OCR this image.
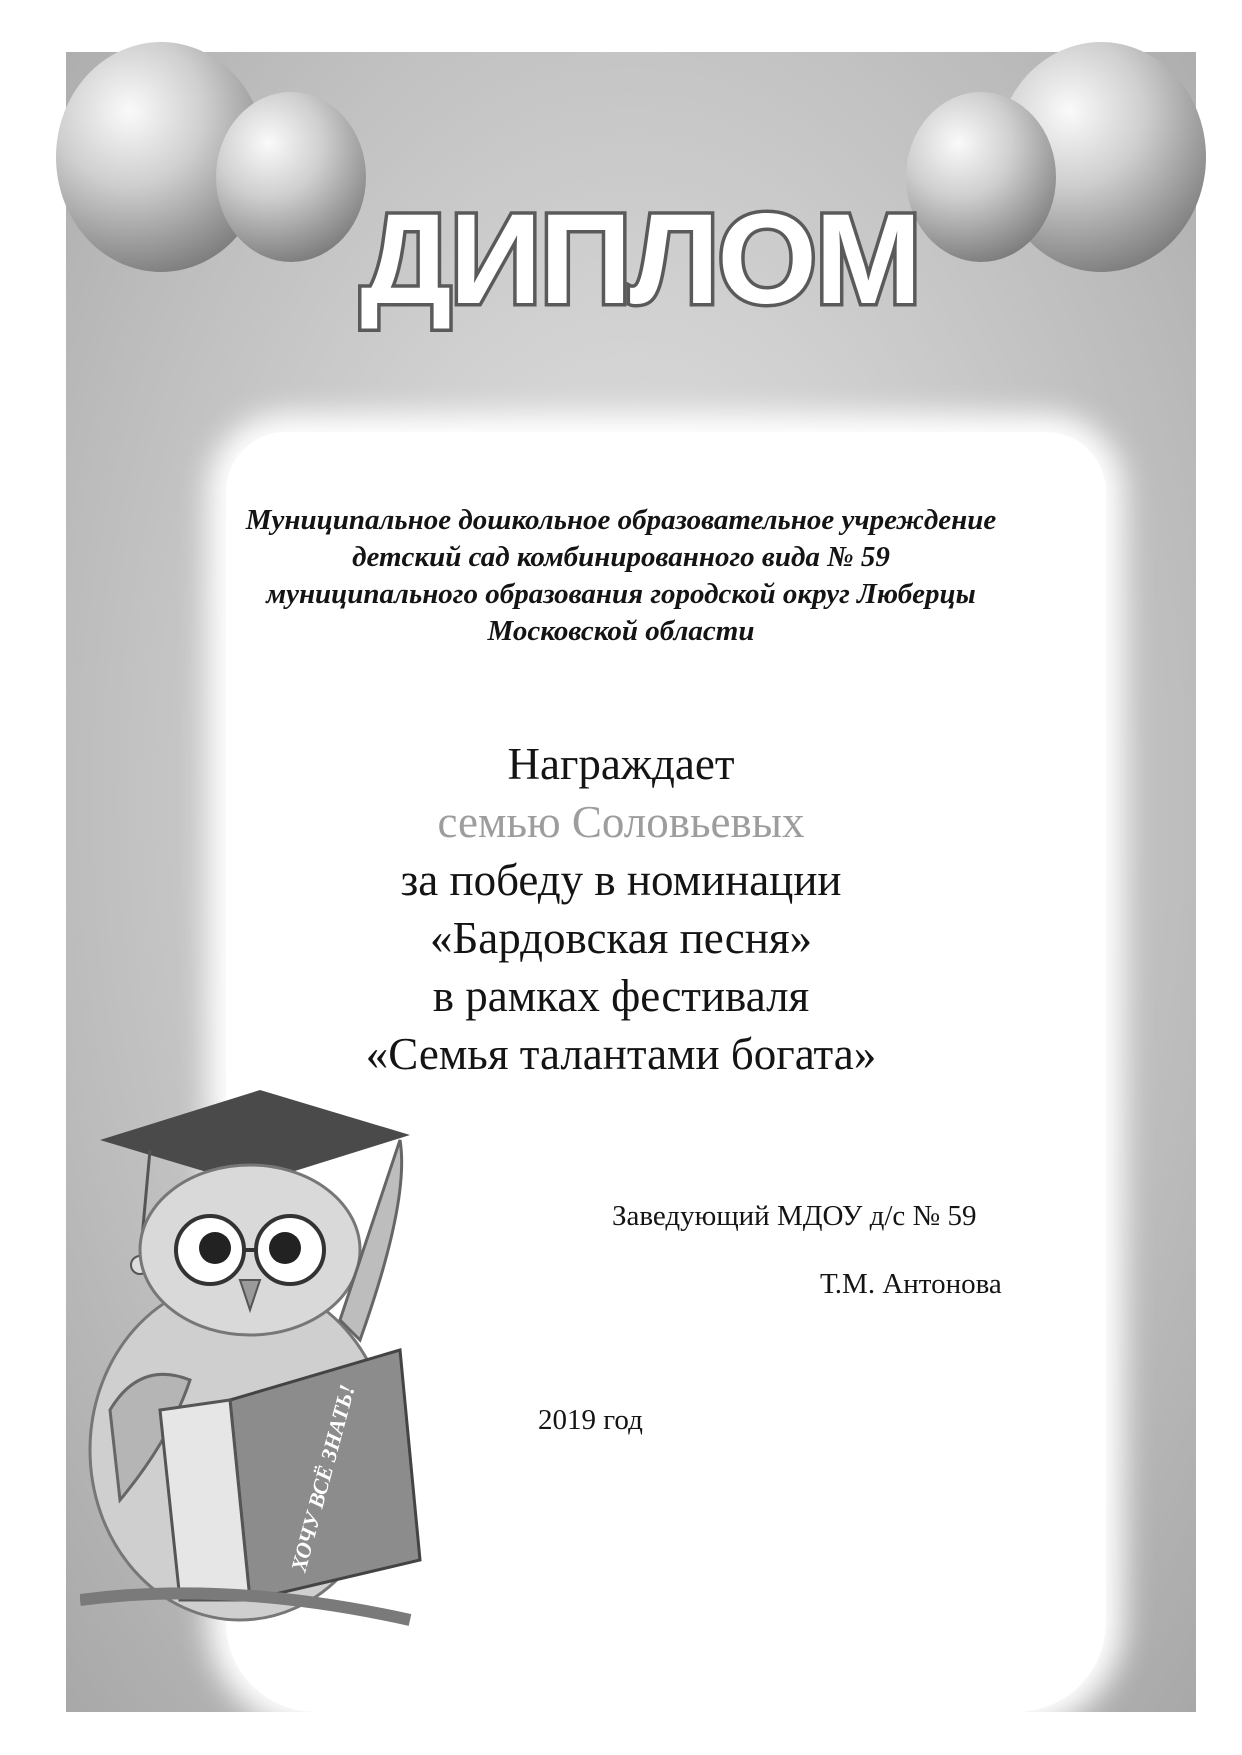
ДИПЛОМ
Муниципальное дошкольное образовательное учреждение
детский сад комбинированного вида № 59
муниципального образования городской округ Люберцы
Московской области
Награждает
семью Соловьевых
за победу в номинации
«Бардовская песня»
в рамках фестиваля
«Семья талантами богата»
Заведующий МДОУ д/с № 59
Т.М. Антонова
2019 год
ХОЧУ ВСЁ ЗНАТЬ!
